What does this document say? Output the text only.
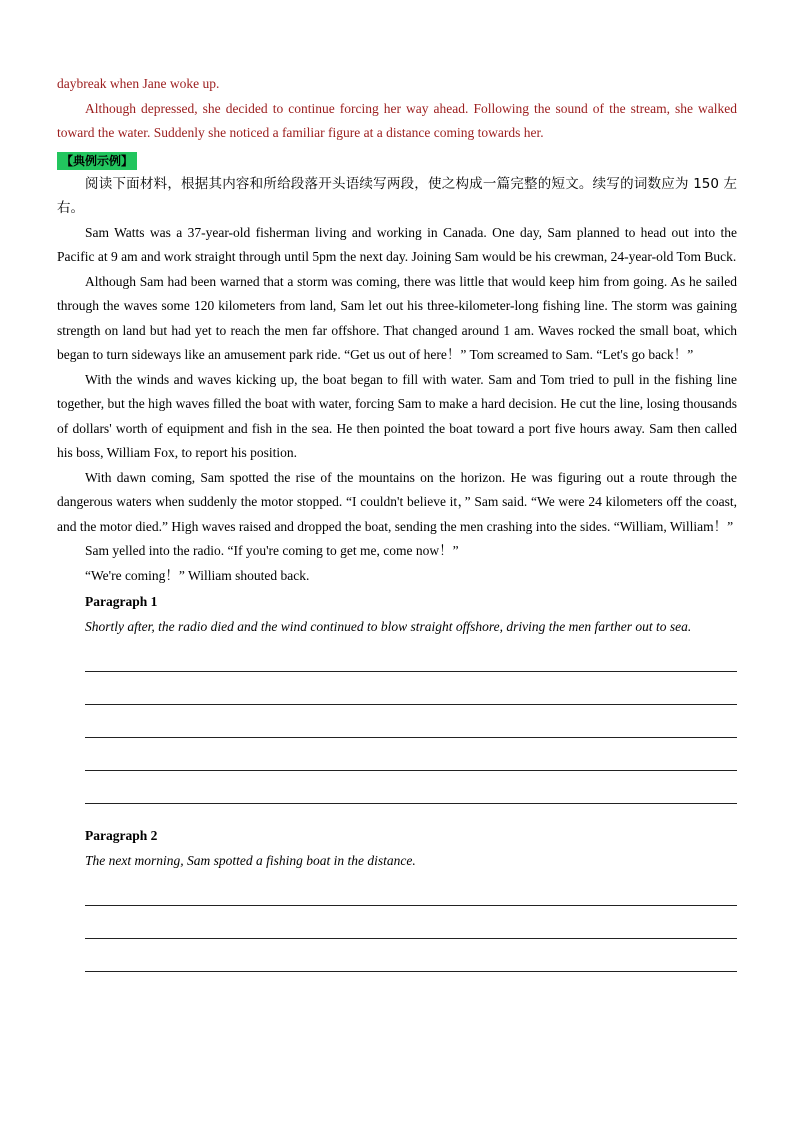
daybreak when Jane woke up.

Although depressed, she decided to continue forcing her way ahead. Following the sound of the stream, she walked toward the water. Suddenly she noticed a familiar figure at a distance coming towards her.

【典例示例】

阅读下面材料，根据其内容和所给段落开头语续写两段，使之构成一篇完整的短文。续写的词数应为 150 左右。

Sam Watts was a 37-year-old fisherman living and working in Canada. One day, Sam planned to head out into the Pacific at 9 am and work straight through until 5pm the next day. Joining Sam would be his crewman, 24-year-old Tom Buck.

Although Sam had been warned that a storm was coming, there was little that would keep him from going. As he sailed through the waves some 120 kilometers from land, Sam let out his three-kilometer-long fishing line. The storm was gaining strength on land but had yet to reach the men far offshore. That changed around 1 am. Waves rocked the small boat, which began to turn sideways like an amusement park ride. “Get us out of here！” Tom screamed to Sam. “Let's go back！”

With the winds and waves kicking up, the boat began to fill with water. Sam and Tom tried to pull in the fishing line together, but the high waves filled the boat with water, forcing Sam to make a hard decision. He cut the line, losing thousands of dollars' worth of equipment and fish in the sea. He then pointed the boat toward a port five hours away. Sam then called his boss, William Fox, to report his position.

With dawn coming, Sam spotted the rise of the mountains on the horizon. He was figuring out a route through the dangerous waters when suddenly the motor stopped. “I couldn't believe it，” Sam said. “We were 24 kilometers off the coast, and the motor died.” High waves raised and dropped the boat, sending the men crashing into the sides. “William, William！”

Sam yelled into the radio. “If you're coming to get me, come now！”

“We're coming！” William shouted back.

Paragraph 1

Shortly after, the radio died and the wind continued to blow straight offshore, driving the men farther out to sea.

Paragraph 2

The next morning, Sam spotted a fishing boat in the distance.
